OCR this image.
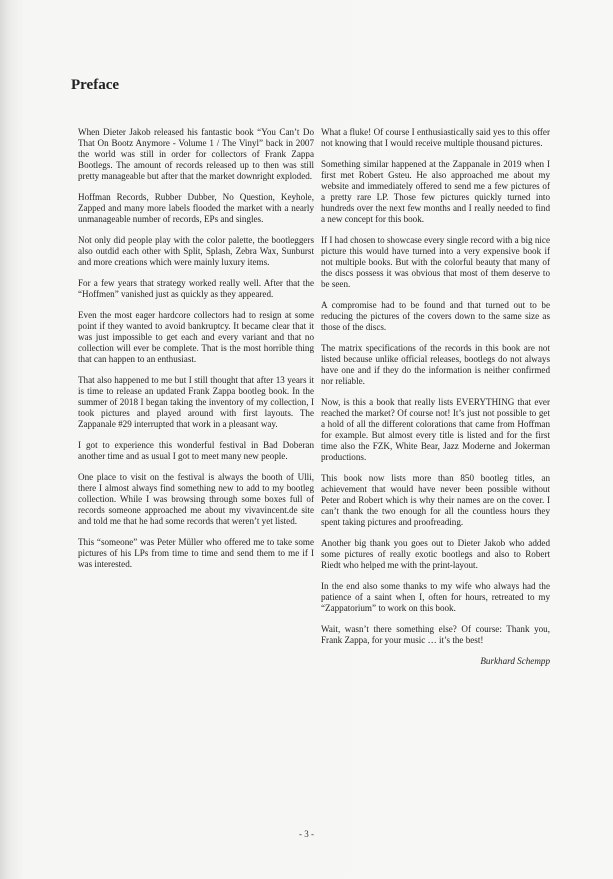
Preface

When Dieter Jakob released his fantastic book “You Can’t Do That On Bootz Anymore - Volume 1 / The Vinyl” back in 2007 the world was still in order for collectors of Frank Zappa Bootlegs. The amount of records released up to then was still pretty manageable but after that the market downright exploded.

Hoffman Records, Rubber Dubber, No Question, Keyhole, Zapped and many more labels flooded the market with a nearly unmanageable number of records, EPs and singles.

Not only did people play with the color palette, the bootleggers also outdid each other with Split, Splash, Zebra Wax, Sunburst and more creations which were mainly luxury items.

For a few years that strategy worked really well. After that the “Hoffmen” vanished just as quickly as they appeared.

Even the most eager hardcore collectors had to resign at some point if they wanted to avoid bankruptcy. It became clear that it was just impossible to get each and every variant and that no collection will ever be complete. That is the most horrible thing that can happen to an enthusiast.

That also happened to me but I still thought that after 13 years it is time to release an updated Frank Zappa bootleg book. In the summer of 2018 I began taking the inventory of my collection, I took pictures and played around with first layouts. The Zappanale #29 interrupted that work in a pleasant way.

I got to experience this wonderful festival in Bad Doberan another time and as usual I got to meet many new people.

One place to visit on the festival is always the booth of Ulli, there I almost always find something new to add to my bootleg collection. While I was browsing through some boxes full of records someone approached me about my vivavincent.de site and told me that he had some records that weren’t yet listed.

This “someone” was Peter Müller who offered me to take some pictures of his LPs from time to time and send them to me if I was interested.

What a fluke! Of course I enthusiastically said yes to this offer not knowing that I would receive multiple thousand pictures.

Something similar happened at the Zappanale in 2019 when I first met Robert Gsteu. He also approached me about my website and immediately offered to send me a few pictures of a pretty rare LP. Those few pictures quickly turned into hundreds over the next few months and I really needed to find a new concept for this book.

If I had chosen to showcase every single record with a big nice picture this would have turned into a very expensive book if not multiple books. But with the colorful beauty that many of the discs possess it was obvious that most of them deserve to be seen.

A compromise had to be found and that turned out to be reducing the pictures of the covers down to the same size as those of the discs.

The matrix specifications of the records in this book are not listed because unlike official releases, bootlegs do not always have one and if they do the information is neither confirmed nor reliable.

Now, is this a book that really lists EVERYTHING that ever reached the market? Of course not! It’s just not possible to get a hold of all the different colorations that came from Hoffman for example. But almost every title is listed and for the first time also the FZK, White Bear, Jazz Moderne and Jokerman productions.

This book now lists more than 850 bootleg titles, an achievement that would have never been possible without Peter and Robert which is why their names are on the cover. I can’t thank the two enough for all the countless hours they spent taking pictures and proofreading.

Another big thank you goes out to Dieter Jakob who added some pictures of really exotic bootlegs and also to Robert Riedt who helped me with the print-layout.

In the end also some thanks to my wife who always had the patience of a saint when I, often for hours, retreated to my “Zappatorium” to work on this book.

Wait, wasn’t there something else? Of course: Thank you, Frank Zappa, for your music … it’s the best!

Burkhard Schempp

- 3 -
